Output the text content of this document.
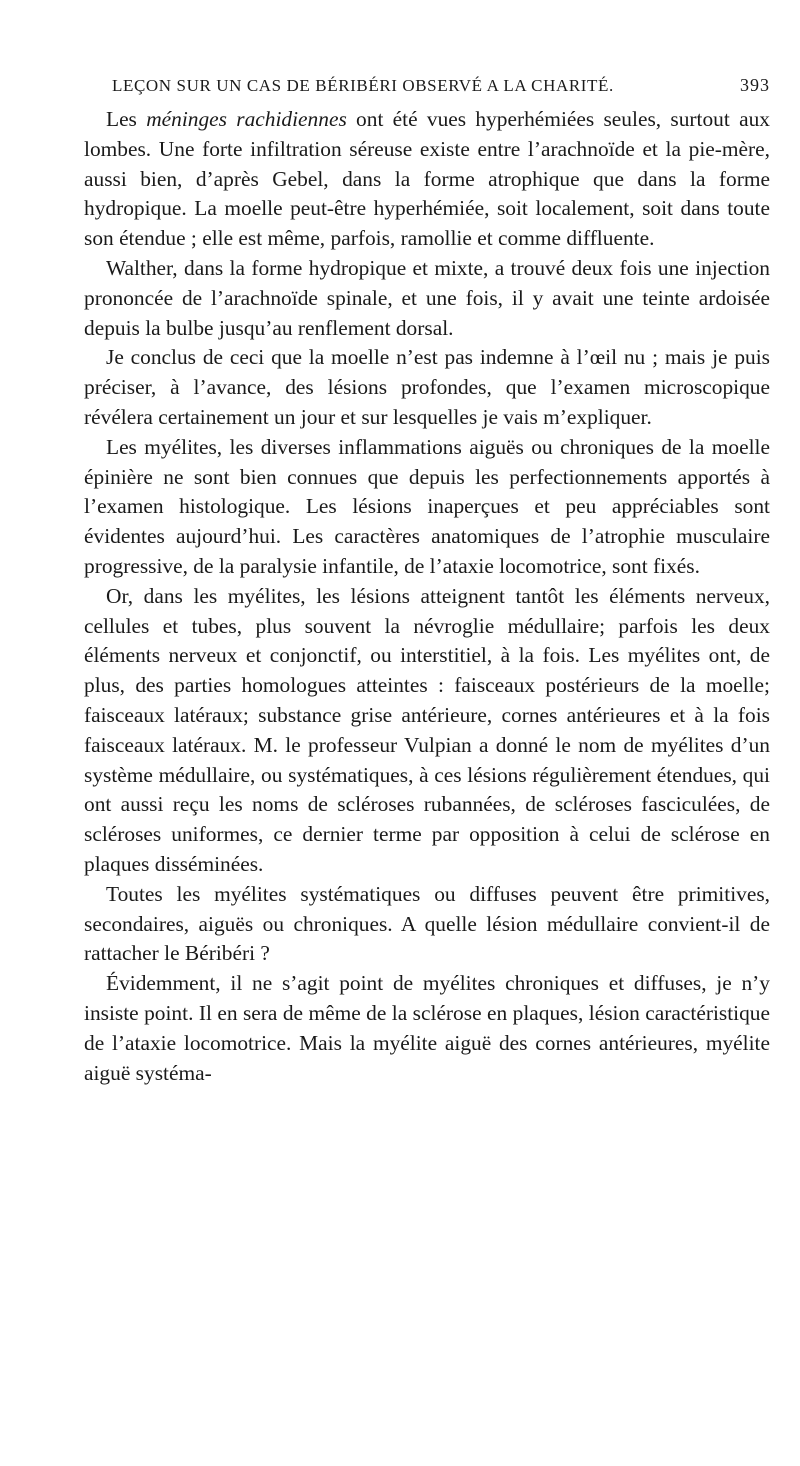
LEÇON SUR UN CAS DE BÉRIBÉRI OBSERVÉ A LA CHARITÉ.	393

Les méninges rachidiennes ont été vues hyperhémiées seules, surtout aux lombes. Une forte infiltration séreuse existe entre l’arachnoïde et la pie-mère, aussi bien, d’après Gebel, dans la forme atrophique que dans la forme hydropique. La moelle peut-être hyperhémiée, soit localement, soit dans toute son étendue ; elle est même, parfois, ramollie et comme diffluente.

Walther, dans la forme hydropique et mixte, a trouvé deux fois une injection prononcée de l’arachnoïde spinale, et une fois, il y avait une teinte ardoisée depuis la bulbe jusqu’au renflement dorsal.

Je conclus de ceci que la moelle n’est pas indemne à l’œil nu ; mais je puis préciser, à l’avance, des lésions profondes, que l’examen microscopique révélera certainement un jour et sur lesquelles je vais m’expliquer.

Les myélites, les diverses inflammations aiguës ou chroniques de la moelle épinière ne sont bien connues que depuis les perfectionnements apportés à l’examen histologique. Les lésions inaperçues et peu appréciables sont évidentes aujourd’hui. Les caractères anatomiques de l’atrophie musculaire progressive, de la paralysie infantile, de l’ataxie locomotrice, sont fixés.

Or, dans les myélites, les lésions atteignent tantôt les éléments nerveux, cellules et tubes, plus souvent la névroglie médullaire; parfois les deux éléments nerveux et conjonctif, ou interstitiel, à la fois. Les myélites ont, de plus, des parties homologues atteintes : faisceaux postérieurs de la moelle; faisceaux latéraux; substance grise antérieure, cornes antérieures et à la fois faisceaux latéraux. M. le professeur Vulpian a donné le nom de myélites d’un système médullaire, ou systématiques, à ces lésions régulièrement étendues, qui ont aussi reçu les noms de scléroses rubannées, de scléroses fasciculées, de scléroses uniformes, ce dernier terme par opposition à celui de sclérose en plaques disséminées.

Toutes les myélites systématiques ou diffuses peuvent être primitives, secondaires, aiguës ou chroniques. A quelle lésion médullaire convient-il de rattacher le Béribéri ?

Évidemment, il ne s’agit point de myélites chroniques et diffuses, je n’y insiste point. Il en sera de même de la sclérose en plaques, lésion caractéristique de l’ataxie locomotrice. Mais la myélite aiguë des cornes antérieures, myélite aiguë systéma-
